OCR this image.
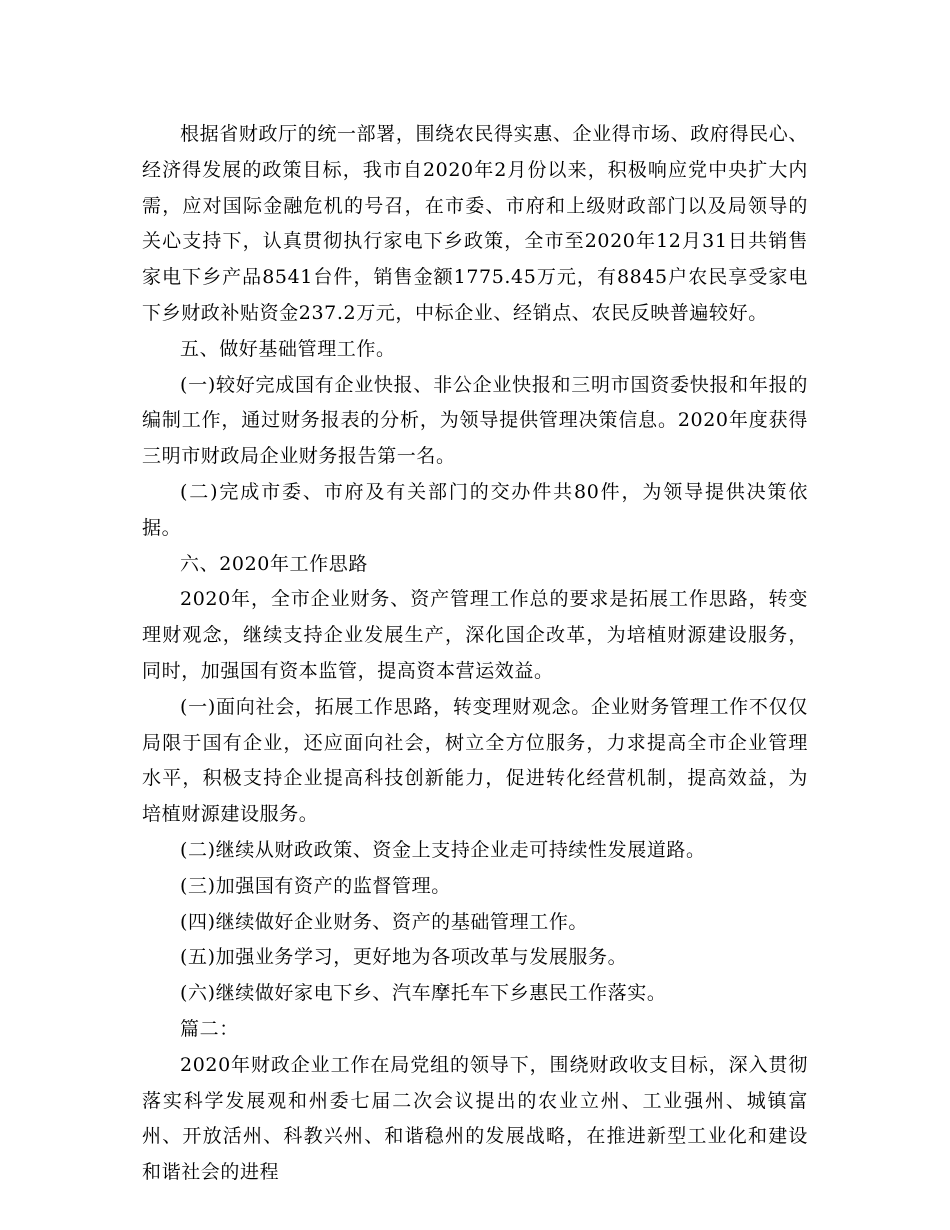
根据省财政厅的统一部署，围绕农民得实惠、企业得市场、政府得民心、经济得发展的政策目标，我市自2020年2月份以来，积极响应党中央扩大内需，应对国际金融危机的号召，在市委、市府和上级财政部门以及局领导的关心支持下，认真贯彻执行家电下乡政策，全市至2020年12月31日共销售家电下乡产品8541台件，销售金额1775.45万元，有8845户农民享受家电下乡财政补贴资金237.2万元，中标企业、经销点、农民反映普遍较好。

五、做好基础管理工作。

(一)较好完成国有企业快报、非公企业快报和三明市国资委快报和年报的编制工作，通过财务报表的分析，为领导提供管理决策信息。2020年度获得三明市财政局企业财务报告第一名。

(二)完成市委、市府及有关部门的交办件共80件，为领导提供决策依据。

六、2020年工作思路

2020年，全市企业财务、资产管理工作总的要求是拓展工作思路，转变理财观念，继续支持企业发展生产，深化国企改革，为培植财源建设服务，同时，加强国有资本监管，提高资本营运效益。

(一)面向社会，拓展工作思路，转变理财观念。企业财务管理工作不仅仅局限于国有企业，还应面向社会，树立全方位服务，力求提高全市企业管理水平，积极支持企业提高科技创新能力，促进转化经营机制，提高效益，为培植财源建设服务。

(二)继续从财政政策、资金上支持企业走可持续性发展道路。

(三)加强国有资产的监督管理。

(四)继续做好企业财务、资产的基础管理工作。

(五)加强业务学习，更好地为各项改革与发展服务。

(六)继续做好家电下乡、汽车摩托车下乡惠民工作落实。

篇二：

2020年财政企业工作在局党组的领导下，围绕财政收支目标，深入贯彻落实科学发展观和州委七届二次会议提出的农业立州、工业强州、城镇富州、开放活州、科教兴州、和谐稳州的发展战略，在推进新型工业化和建设和谐社会的进程
